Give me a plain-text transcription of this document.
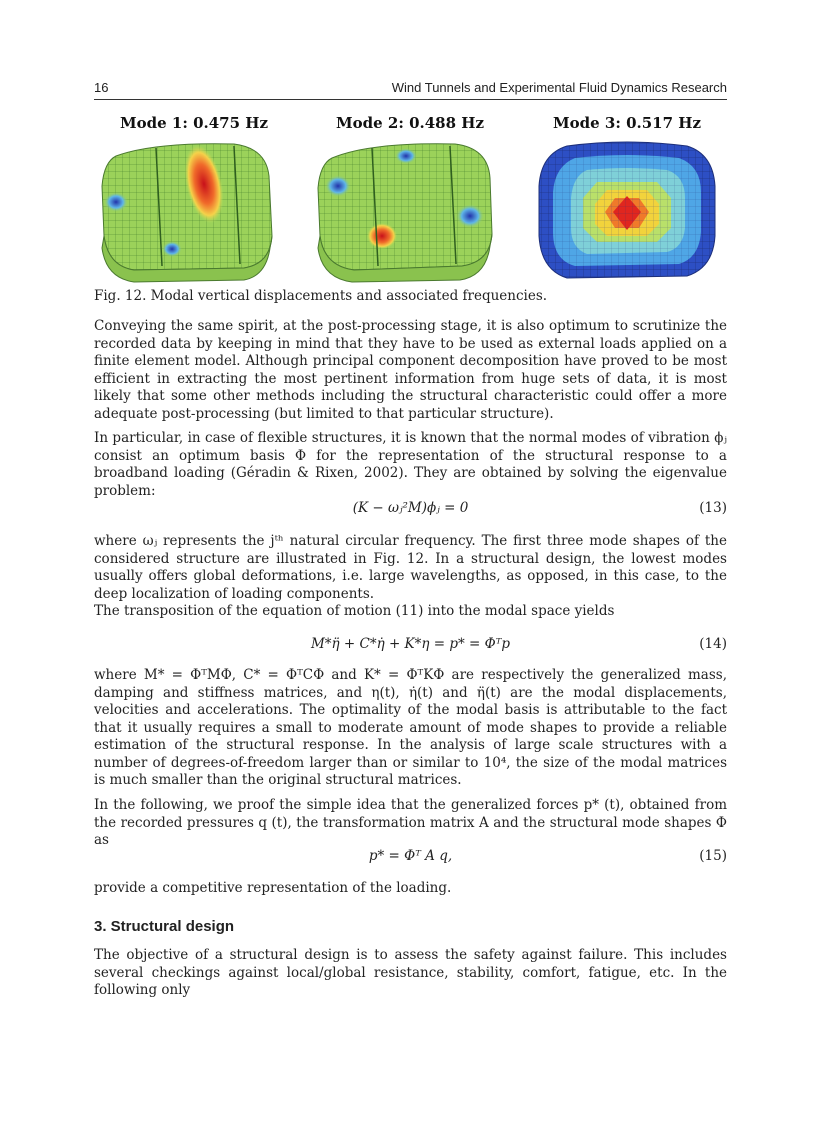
16	Wind Tunnels and Experimental Fluid Dynamics Research
Mode 1: 0.475 Hz	Mode 2: 0.488 Hz	Mode 3: 0.517 Hz
Fig. 12. Modal vertical displacements and associated frequencies.

Conveying the same spirit, at the post-processing stage, it is also optimum to scrutinize the recorded data by keeping in mind that they have to be used as external loads applied on a finite element model. Although principal component decomposition have proved to be most efficient in extracting the most pertinent information from huge sets of data, it is most likely that some other methods including the structural characteristic could offer a more adequate post-processing (but limited to that particular structure).

In particular, in case of flexible structures, it is known that the normal modes of vibration ϕⱼ consist an optimum basis Φ for the representation of the structural response to a broadband loading (Géradin & Rixen, 2002). They are obtained by solving the eigenvalue problem:

(K − ωⱼ²M)ϕⱼ = 0	(13)

where ωⱼ represents the jᵗʰ natural circular frequency. The first three mode shapes of the considered structure are illustrated in Fig. 12. In a structural design, the lowest modes usually offers global deformations, i.e. large wavelengths, as opposed, in this case, to the deep localization of loading components.

The transposition of the equation of motion (11) into the modal space yields

M*η̈ + C*η̇ + K*η = p* = Φᵀp	(14)

where M* = ΦᵀMΦ, C* = ΦᵀCΦ and K* = ΦᵀKΦ are respectively the generalized mass, damping and stiffness matrices, and η(t), η̇(t) and η̈(t) are the modal displacements, velocities and accelerations. The optimality of the modal basis is attributable to the fact that it usually requires a small to moderate amount of mode shapes to provide a reliable estimation of the structural response. In the analysis of large scale structures with a number of degrees-of-freedom larger than or similar to 10⁴, the size of the modal matrices is much smaller than the original structural matrices.

In the following, we proof the simple idea that the generalized forces p* (t), obtained from the recorded pressures q (t), the transformation matrix A and the structural mode shapes Φ as

p* = Φᵀ A q,	(15)

provide a competitive representation of the loading.

3. Structural design

The objective of a structural design is to assess the safety against failure. This includes several checkings against local/global resistance, stability, comfort, fatigue, etc. In the following only
